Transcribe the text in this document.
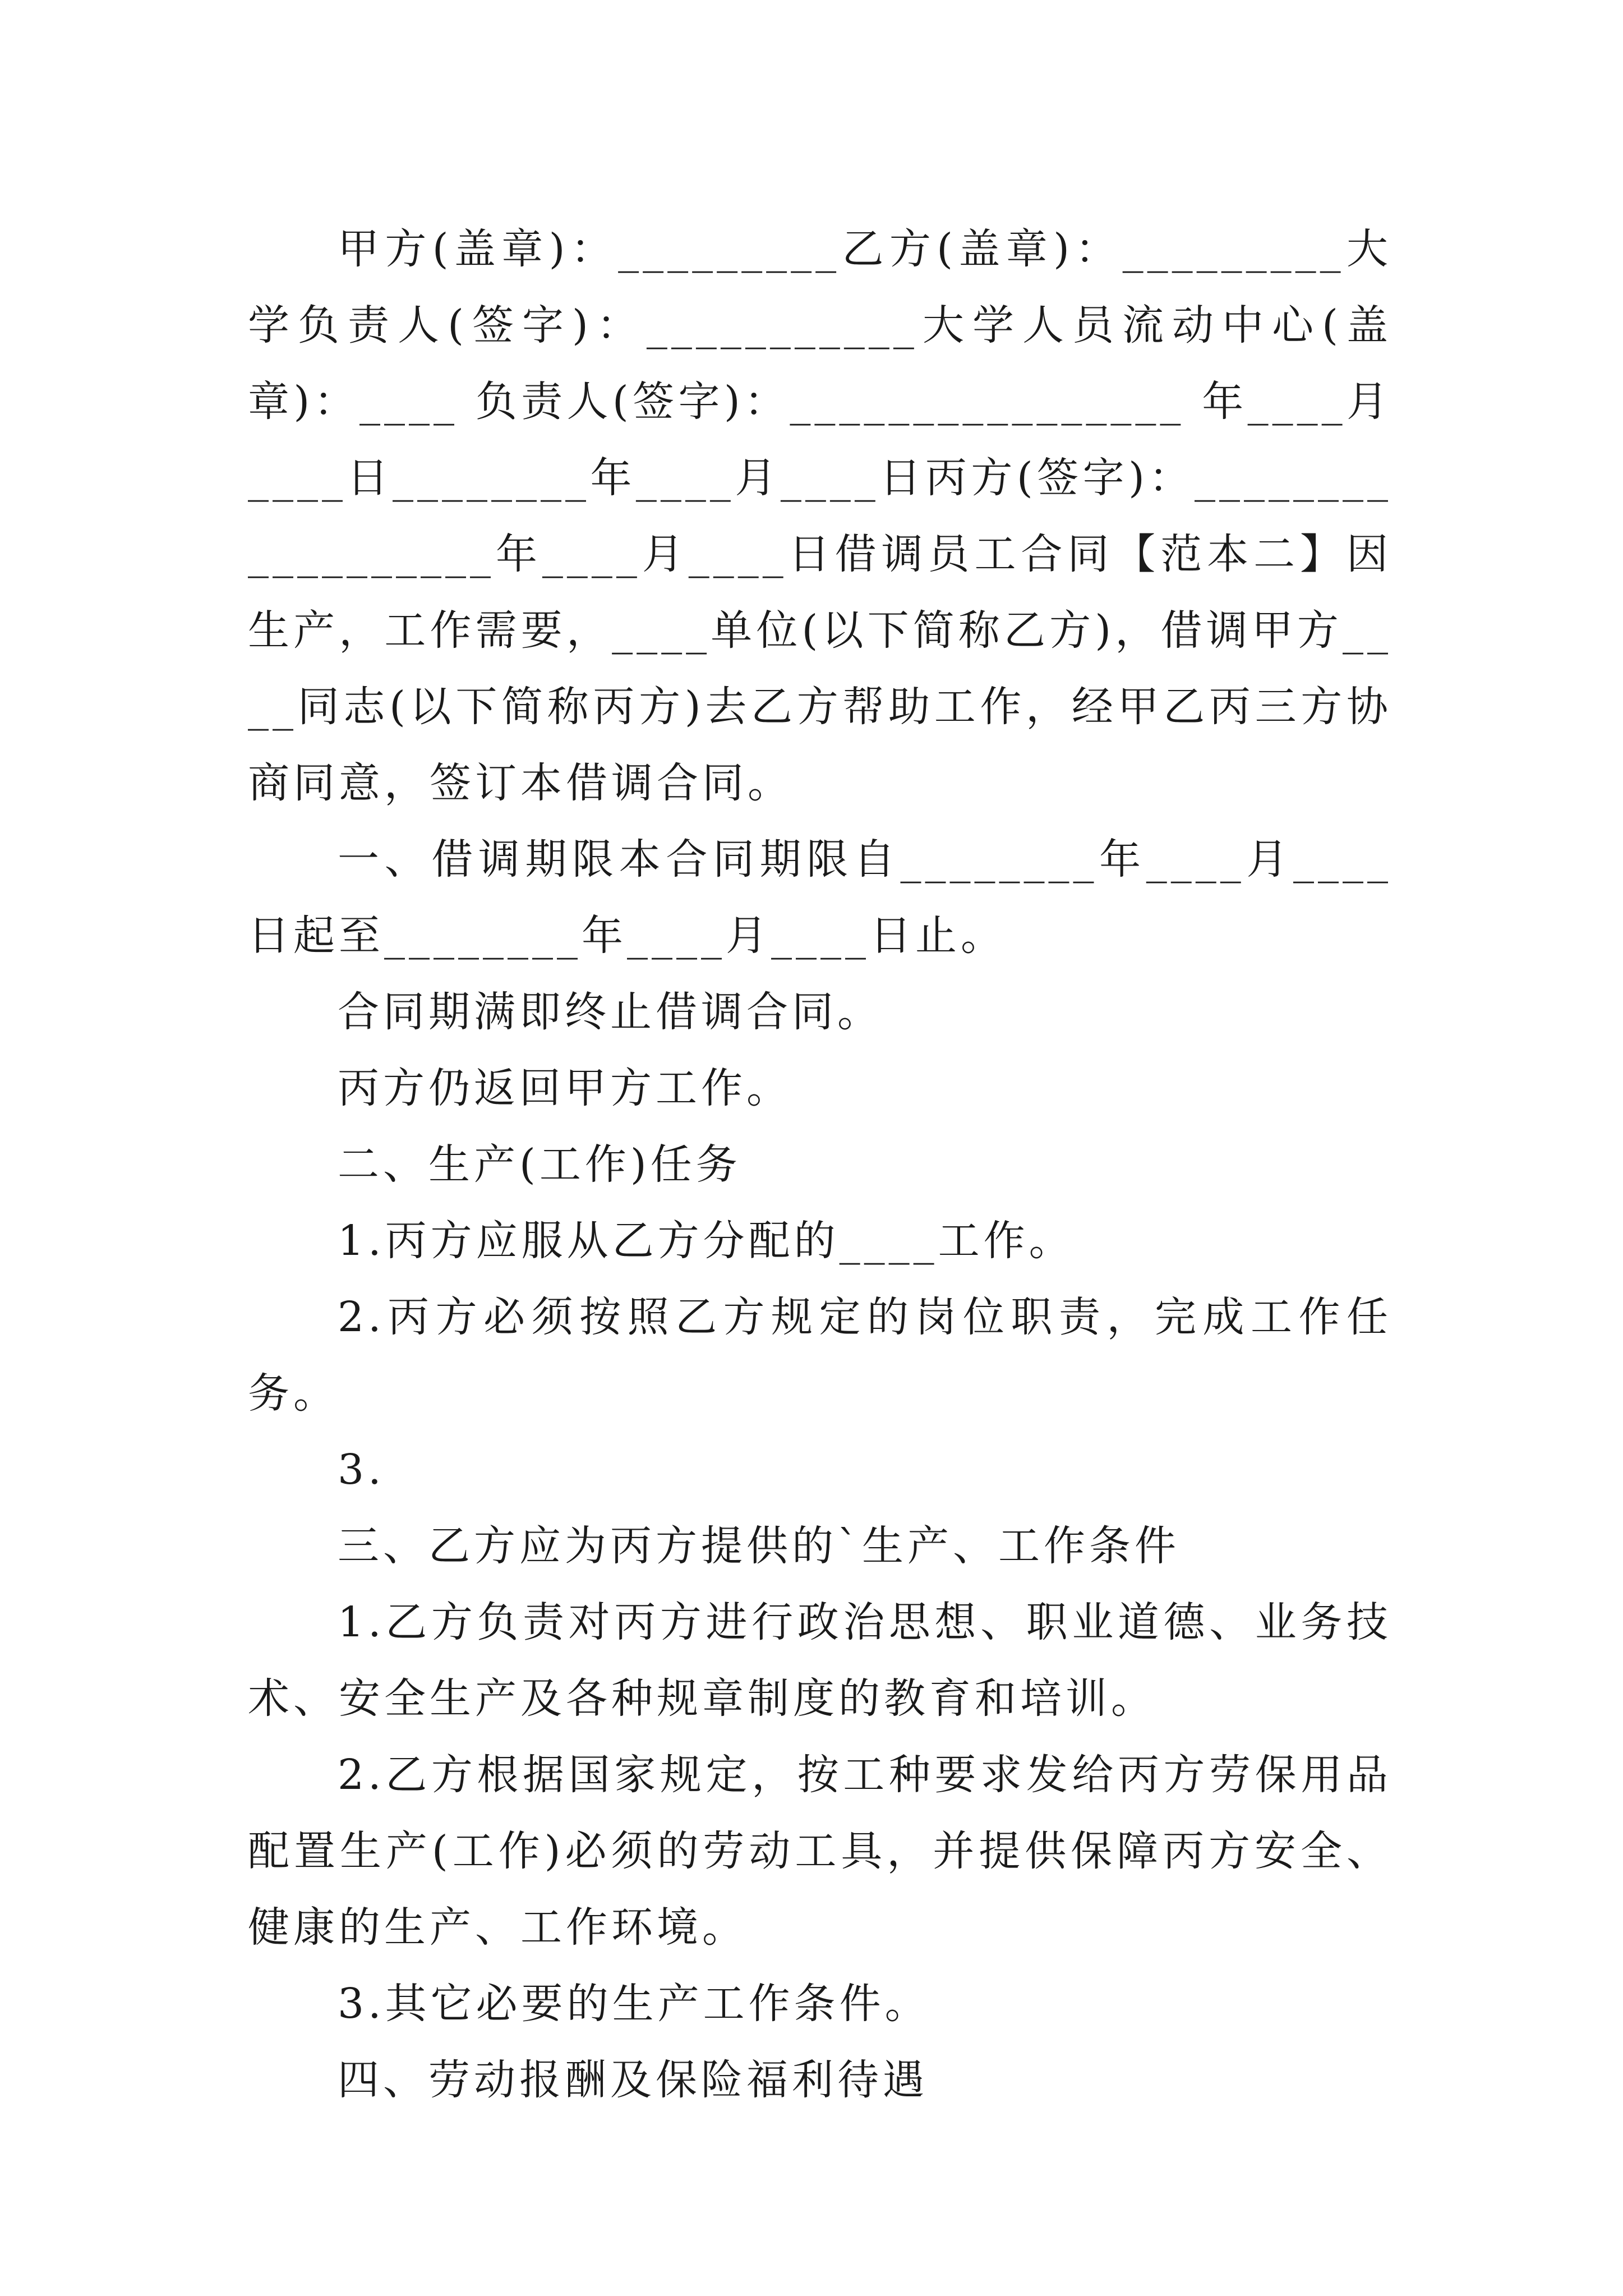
甲方(盖章)：_________乙方(盖章)：_________大学负责人(签字)：___________大学人员流动中心(盖章)：____ 负责人(签字)：________________ 年____月____日________年____月____日丙方(签字)：__________________年____月____日借调员工合同【范本二】因生产，工作需要，____单位(以下简称乙方)，借调甲方____同志(以下简称丙方)去乙方帮助工作，经甲乙丙三方协商同意，签订本借调合同。

一、借调期限本合同期限自________年____月____日起至________年____月____日止。

合同期满即终止借调合同。

丙方仍返回甲方工作。

二、生产(工作)任务

1.丙方应服从乙方分配的____工作。

2.丙方必须按照乙方规定的岗位职责，完成工作任务。

3.

三、乙方应为丙方提供的`生产、工作条件

1.乙方负责对丙方进行政治思想、职业道德、业务技术、安全生产及各种规章制度的教育和培训。

2.乙方根据国家规定，按工种要求发给丙方劳保用品配置生产(工作)必须的劳动工具，并提供保障丙方安全、健康的生产、工作环境。

3.其它必要的生产工作条件。

四、劳动报酬及保险福利待遇
